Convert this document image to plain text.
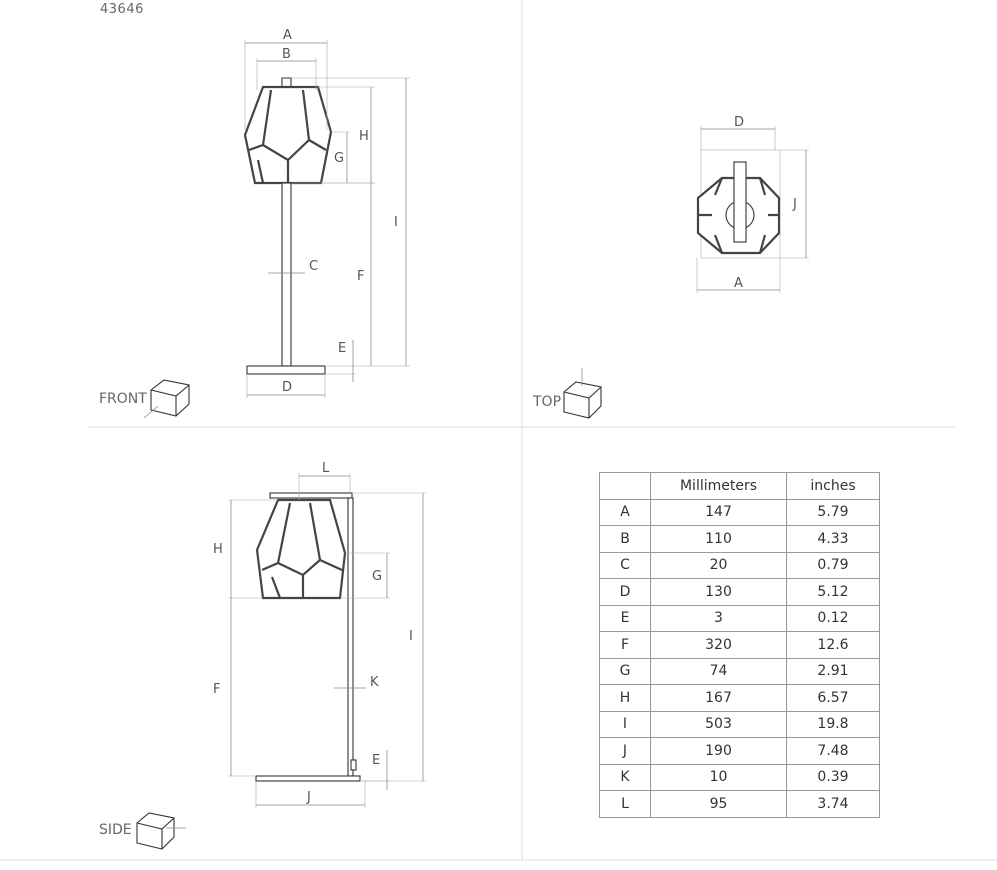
43646
A
B
H
G
I
C
F
E
D
D
J
A
L
H
G
I
F	K
E
J
FRONT	TOP
SIDE
	Millimeters	inches
A	147	5.79
B	110	4.33
C	20	0.79
D	130	5.12
E	3	0.12
F	320	12.6
G	74	2.91
H	167	6.57
I	503	19.8
J	190	7.48
K	10	0.39
L	95	3.74
